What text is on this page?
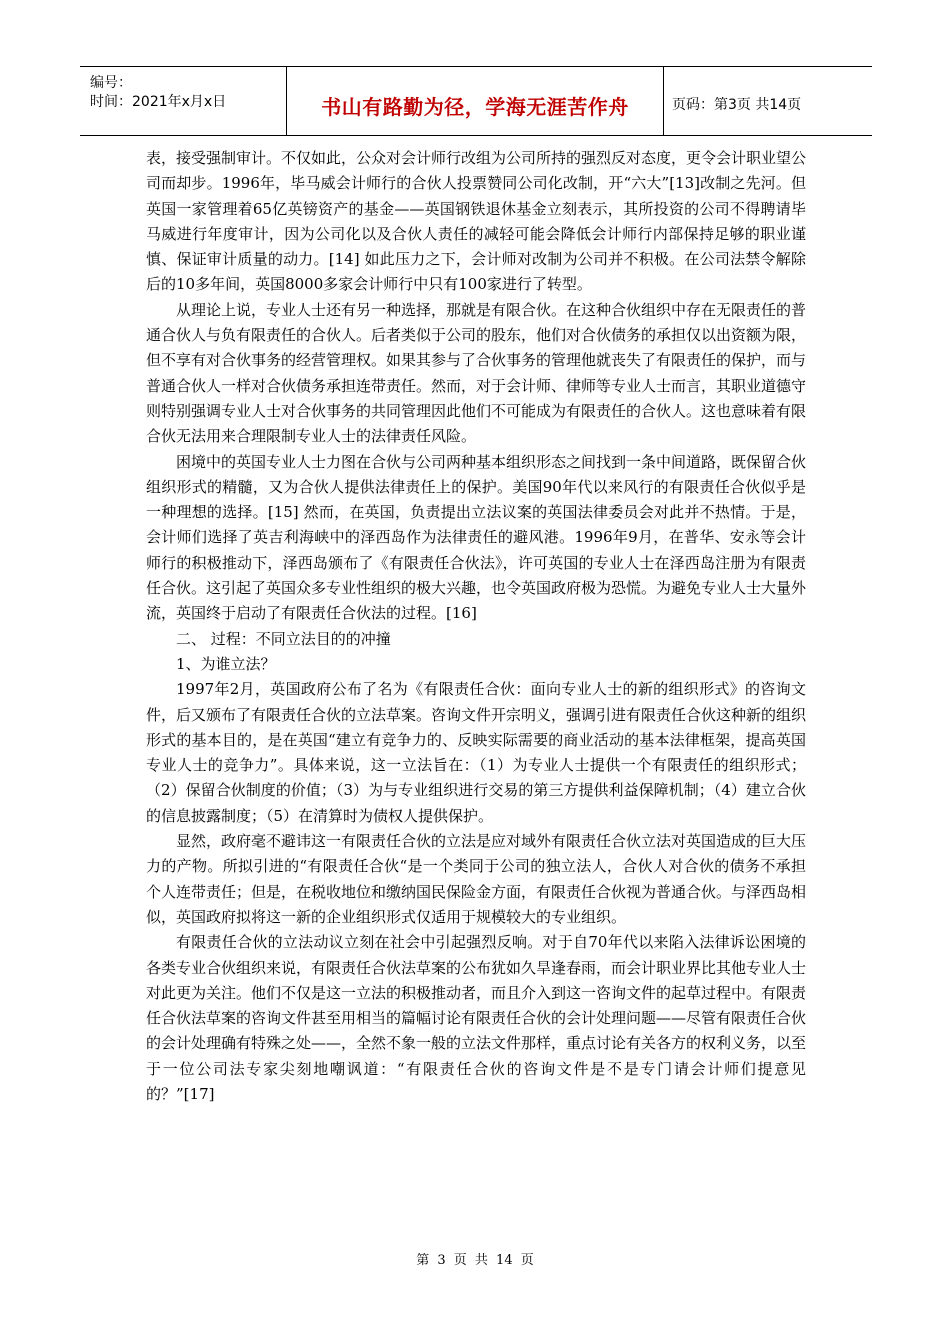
编号：
时间：2021年x月x日	书山有路勤为径，学海无涯苦作舟	页码：第3页 共14页

表，接受强制审计。不仅如此，公众对会计师行改组为公司所持的强烈反对态度，更令会计职业望公司而却步。1996年，毕马威会计师行的合伙人投票赞同公司化改制，开“六大”[13]改制之先河。但英国一家管理着65亿英镑资产的基金——英国钢铁退休基金立刻表示，其所投资的公司不得聘请毕马威进行年度审计，因为公司化以及合伙人责任的减轻可能会降低会计师行内部保持足够的职业谨慎、保证审计质量的动力。[14] 如此压力之下，会计师对改制为公司并不积极。在公司法禁令解除后的10多年间，英国8000多家会计师行中只有100家进行了转型。

从理论上说，专业人士还有另一种选择，那就是有限合伙。在这种合伙组织中存在无限责任的普通合伙人与负有限责任的合伙人。后者类似于公司的股东，他们对合伙债务的承担仅以出资额为限，但不享有对合伙事务的经营管理权。如果其参与了合伙事务的管理他就丧失了有限责任的保护，而与普通合伙人一样对合伙债务承担连带责任。然而，对于会计师、律师等专业人士而言，其职业道德守则特别强调专业人士对合伙事务的共同管理因此他们不可能成为有限责任的合伙人。这也意味着有限合伙无法用来合理限制专业人士的法律责任风险。

困境中的英国专业人士力图在合伙与公司两种基本组织形态之间找到一条中间道路，既保留合伙组织形式的精髓，又为合伙人提供法律责任上的保护。美国90年代以来风行的有限责任合伙似乎是一种理想的选择。[15] 然而，在英国，负责提出立法议案的英国法律委员会对此并不热情。于是，会计师们选择了英吉利海峡中的泽西岛作为法律责任的避风港。1996年9月，在普华、安永等会计师行的积极推动下，泽西岛颁布了《有限责任合伙法》，许可英国的专业人士在泽西岛注册为有限责任合伙。这引起了英国众多专业性组织的极大兴趣，也令英国政府极为恐慌。为避免专业人士大量外流，英国终于启动了有限责任合伙法的过程。[16]

二、 过程：不同立法目的的冲撞

1、为谁立法？

1997年2月，英国政府公布了名为《有限责任合伙：面向专业人士的新的组织形式》的咨询文件，后又颁布了有限责任合伙的立法草案。咨询文件开宗明义，强调引进有限责任合伙这种新的组织形式的基本目的，是在英国“建立有竞争力的、反映实际需要的商业活动的基本法律框架，提高英国专业人士的竞争力”。具体来说，这一立法旨在：（1）为专业人士提供一个有限责任的组织形式；（2）保留合伙制度的价值；（3）为与专业组织进行交易的第三方提供利益保障机制；（4）建立合伙的信息披露制度；（5）在清算时为债权人提供保护。

显然，政府毫不避讳这一有限责任合伙的立法是应对域外有限责任合伙立法对英国造成的巨大压力的产物。所拟引进的“有限责任合伙“是一个类同于公司的独立法人，合伙人对合伙的债务不承担个人连带责任；但是，在税收地位和缴纳国民保险金方面，有限责任合伙视为普通合伙。与泽西岛相似，英国政府拟将这一新的企业组织形式仅适用于规模较大的专业组织。

有限责任合伙的立法动议立刻在社会中引起强烈反响。对于自70年代以来陷入法律诉讼困境的各类专业合伙组织来说，有限责任合伙法草案的公布犹如久旱逢春雨，而会计职业界比其他专业人士对此更为关注。他们不仅是这一立法的积极推动者，而且介入到这一咨询文件的起草过程中。有限责任合伙法草案的咨询文件甚至用相当的篇幅讨论有限责任合伙的会计处理问题——尽管有限责任合伙的会计处理确有特殊之处——，全然不象一般的立法文件那样，重点讨论有关各方的权利义务，以至于一位公司法专家尖刻地嘲讽道：“有限责任合伙的咨询文件是不是专门请会计师们提意见的？”[17]

第 3 页 共 14 页
